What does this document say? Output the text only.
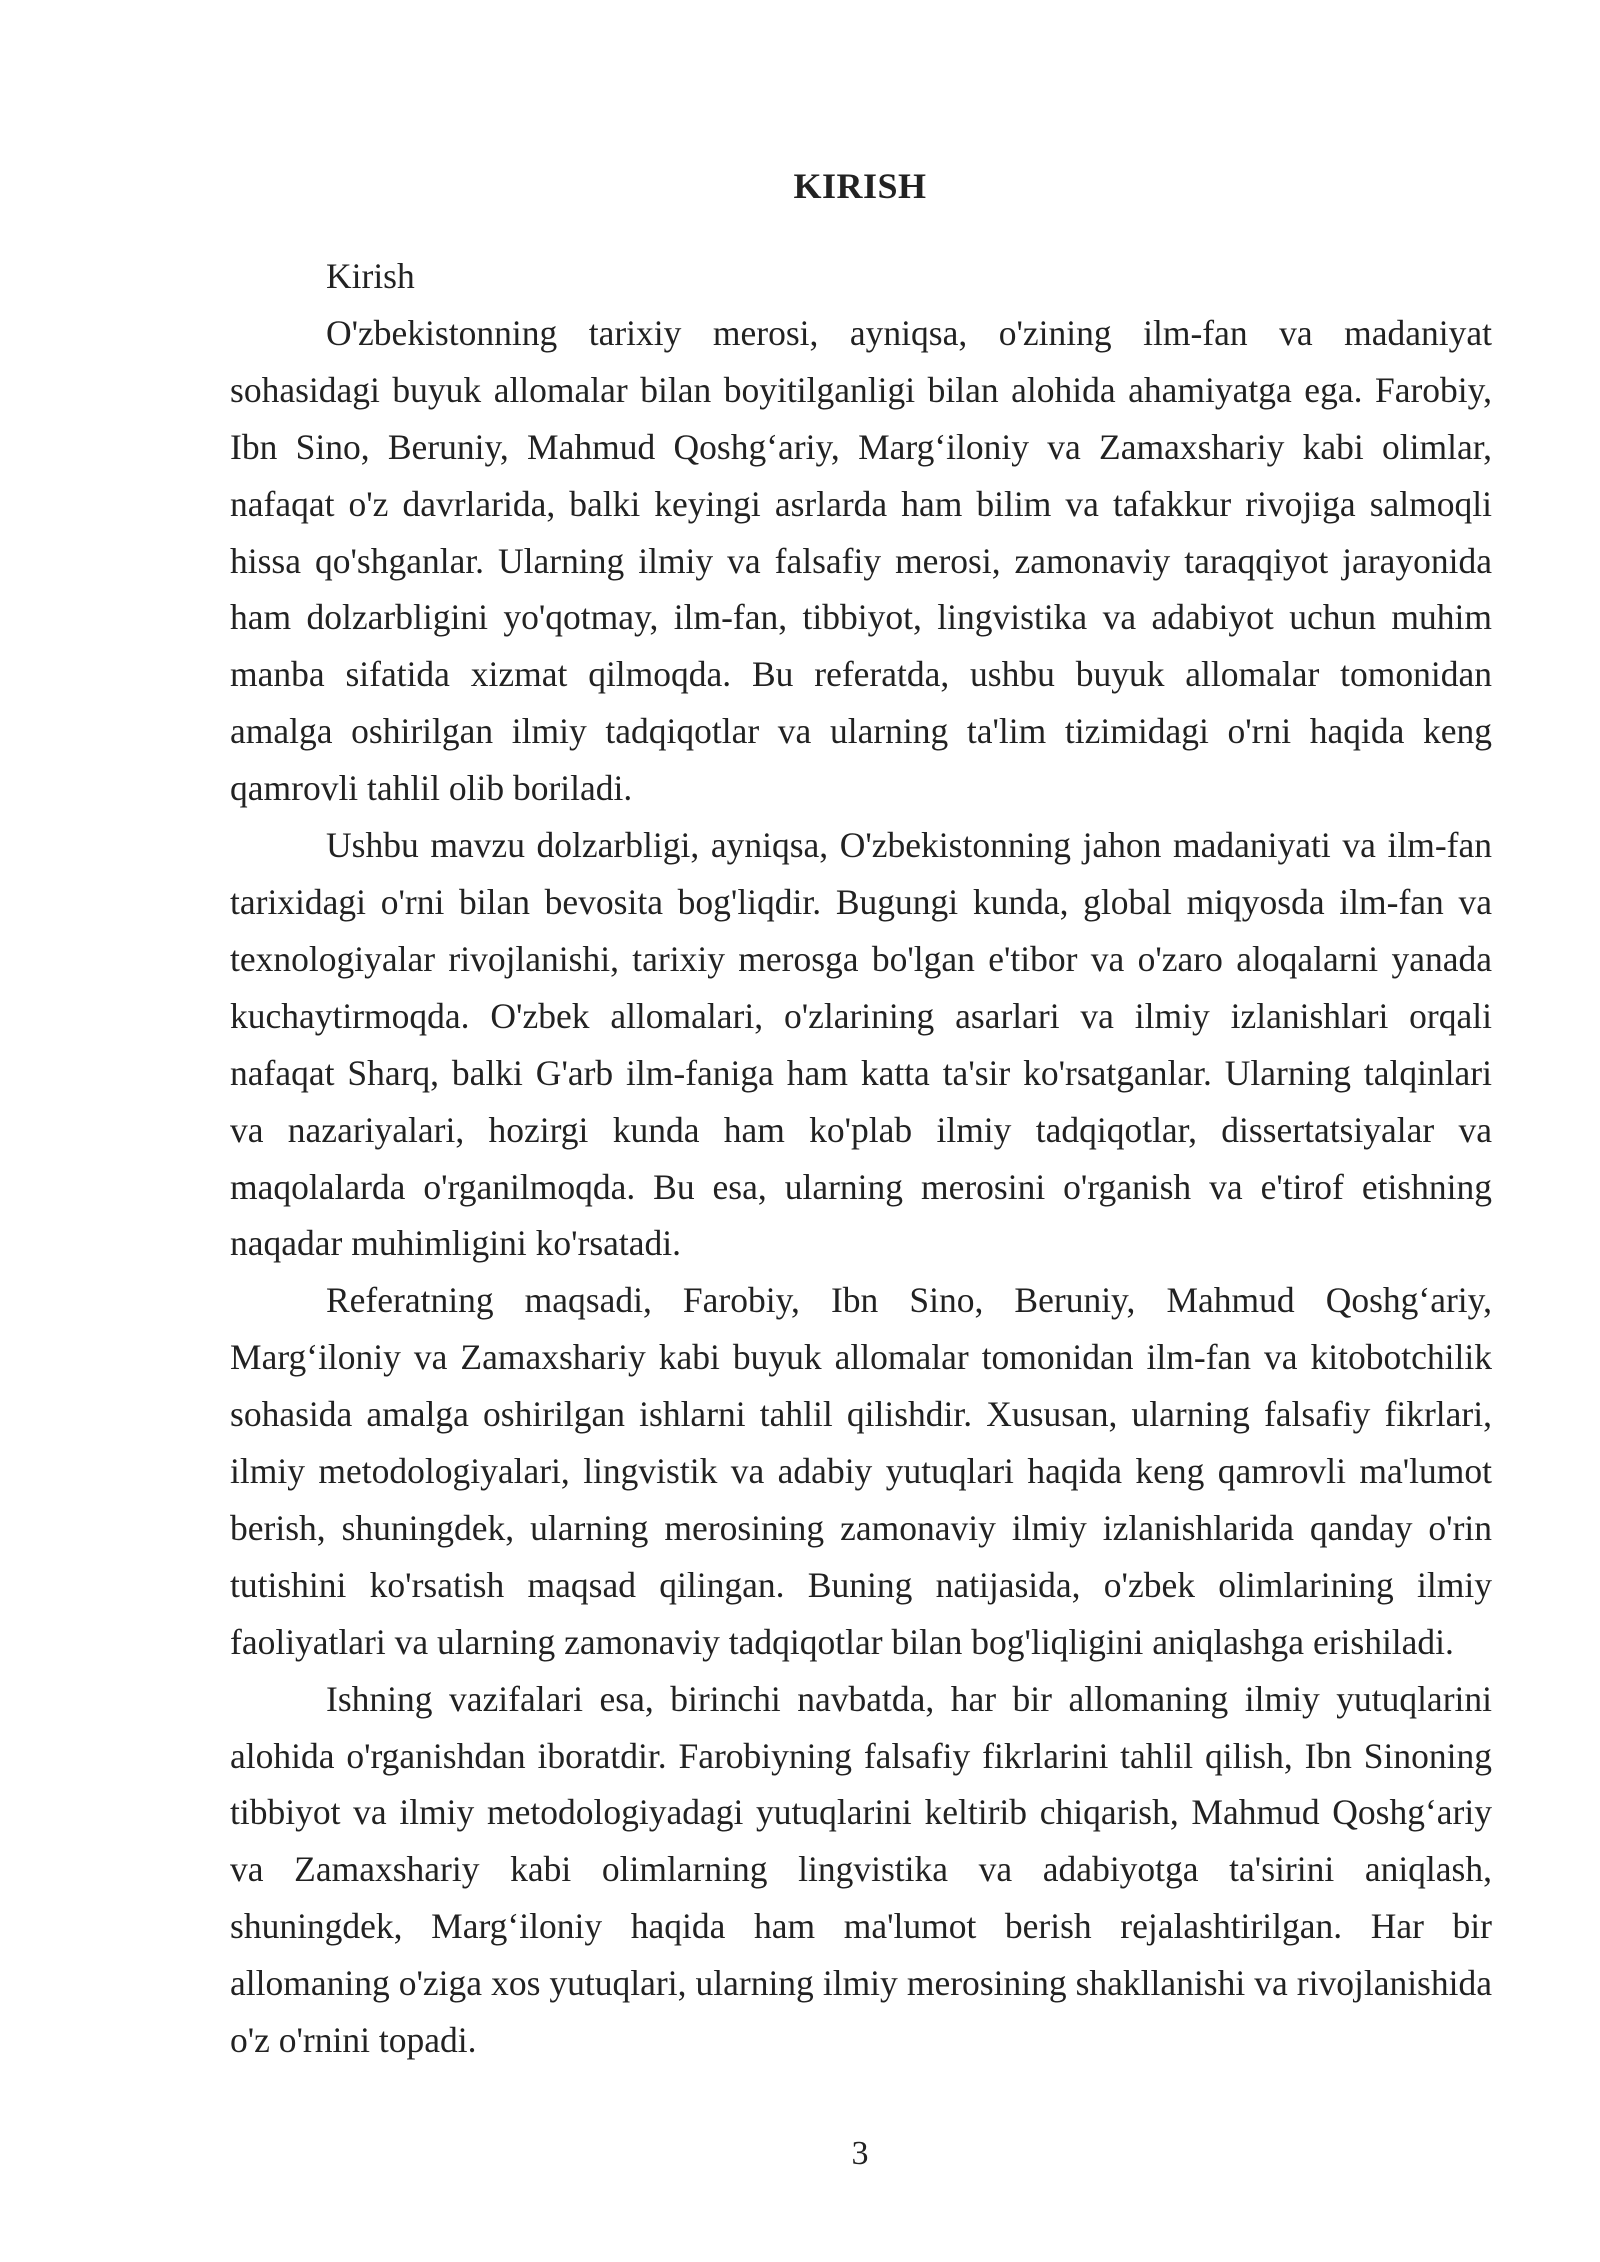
KIRISH

Kirish

O'zbekistonning tarixiy merosi, ayniqsa, o'zining ilm-fan va madaniyat sohasidagi buyuk allomalar bilan boyitilganligi bilan alohida ahamiyatga ega. Farobiy, Ibn Sino, Beruniy, Mahmud Qoshg‘ariy, Marg‘iloniy va Zamaxshariy kabi olimlar, nafaqat o'z davrlarida, balki keyingi asrlarda ham bilim va tafakkur rivojiga salmoqli hissa qo'shganlar. Ularning ilmiy va falsafiy merosi, zamonaviy taraqqiyot jarayonida ham dolzarbligini yo'qotmay, ilm-fan, tibbiyot, lingvistika va adabiyot uchun muhim manba sifatida xizmat qilmoqda. Bu referatda, ushbu buyuk allomalar tomonidan amalga oshirilgan ilmiy tadqiqotlar va ularning ta'lim tizimidagi o'rni haqida keng qamrovli tahlil olib boriladi.

Ushbu mavzu dolzarbligi, ayniqsa, O'zbekistonning jahon madaniyati va ilm-fan tarixidagi o'rni bilan bevosita bog'liqdir. Bugungi kunda, global miqyosda ilm-fan va texnologiyalar rivojlanishi, tarixiy merosga bo'lgan e'tibor va o'zaro aloqalarni yanada kuchaytirmoqda. O'zbek allomalari, o'zlarining asarlari va ilmiy izlanishlari orqali nafaqat Sharq, balki G'arb ilm-faniga ham katta ta'sir ko'rsatganlar. Ularning talqinlari va nazariyalari, hozirgi kunda ham ko'plab ilmiy tadqiqotlar, dissertatsiyalar va maqolalarda o'rganilmoqda. Bu esa, ularning merosini o'rganish va e'tirof etishning naqadar muhimligini ko'rsatadi.

Referatning maqsadi, Farobiy, Ibn Sino, Beruniy, Mahmud Qoshg‘ariy, Marg‘iloniy va Zamaxshariy kabi buyuk allomalar tomonidan ilm-fan va kitobotchilik sohasida amalga oshirilgan ishlarni tahlil qilishdir. Xususan, ularning falsafiy fikrlari, ilmiy metodologiyalari, lingvistik va adabiy yutuqlari haqida keng qamrovli ma'lumot berish, shuningdek, ularning merosining zamonaviy ilmiy izlanishlarida qanday o'rin tutishini ko'rsatish maqsad qilingan. Buning natijasida, o'zbek olimlarining ilmiy faoliyatlari va ularning zamonaviy tadqiqotlar bilan bog'liqligini aniqlashga erishiladi.

Ishning vazifalari esa, birinchi navbatda, har bir allomaning ilmiy yutuqlarini alohida o'rganishdan iboratdir. Farobiyning falsafiy fikrlarini tahlil qilish, Ibn Sinoning tibbiyot va ilmiy metodologiyadagi yutuqlarini keltirib chiqarish, Mahmud Qoshg‘ariy va Zamaxshariy kabi olimlarning lingvistika va adabiyotga ta'sirini aniqlash, shuningdek, Marg‘iloniy haqida ham ma'lumot berish rejalashtirilgan. Har bir allomaning o'ziga xos yutuqlari, ularning ilmiy merosining shakllanishi va rivojlanishida o'z o'rnini topadi.

3
